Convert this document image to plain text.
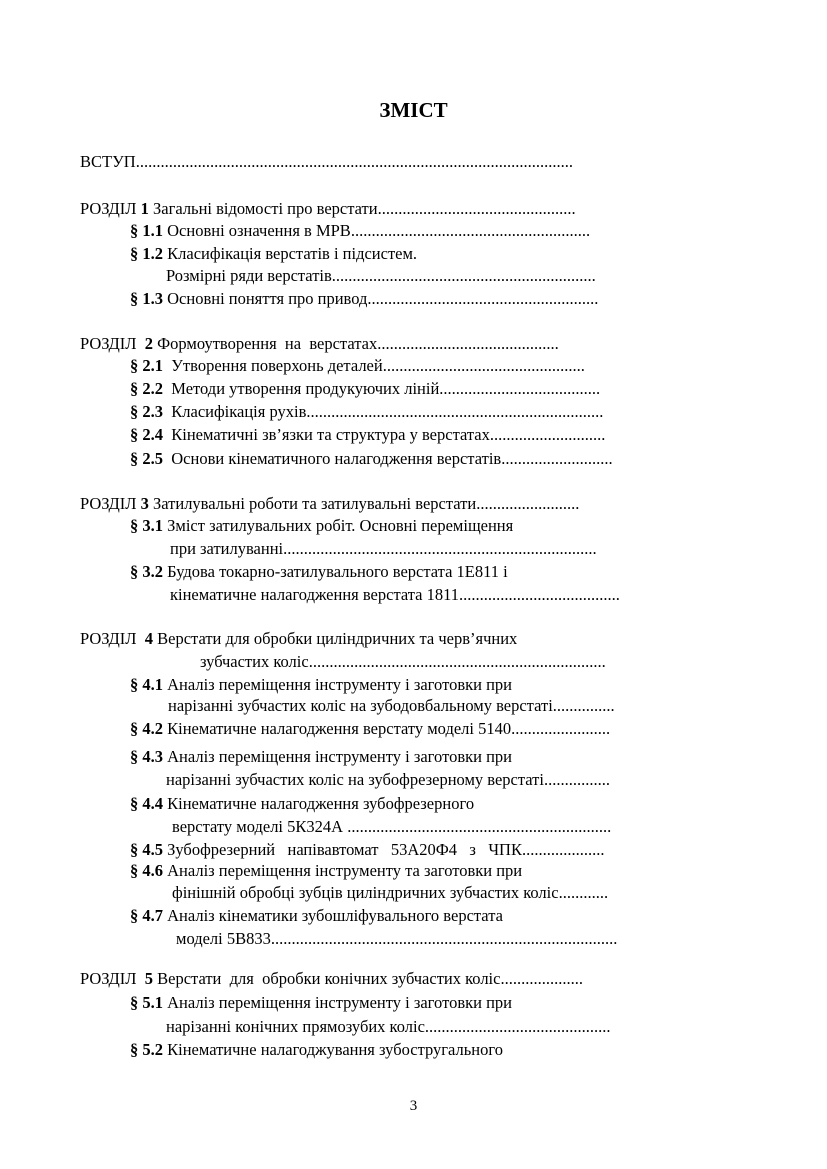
ЗМІСТ
ВСТУП..........................................................................................................
РОЗДІЛ 1 Загальні відомості про верстати................................................
§ 1.1 Основні означення в МРВ..........................................................
§ 1.2 Класифікація верстатів і підсистем.
Розмірні ряди верстатів................................................................
§ 1.3 Основні поняття про привод........................................................
РОЗДІЛ  2 Формоутворення  на  верстатах............................................
§ 2.1  Утворення поверхонь деталей.................................................
§ 2.2  Методи утворення продукуючих ліній.......................................
§ 2.3  Класифікація рухів........................................................................
§ 2.4  Кінематичні зв’язки та структура у верстатах............................
§ 2.5  Основи кінематичного налагодження верстатів...........................
РОЗДІЛ 3 Затилувальні роботи та затилувальні верстати.........................
§ 3.1 Зміст затилувальних робіт. Основні переміщення
при затилуванні............................................................................
§ 3.2 Будова токарно-затилувального верстата 1Е811 і
кінематичне налагодження верстата 1811.......................................
РОЗДІЛ  4 Верстати для обробки циліндричних та черв’ячних
зубчастих коліс........................................................................
§ 4.1 Аналіз переміщення інструменту і заготовки при
нарізанні зубчастих коліс на зубодовбальному верстаті...............
§ 4.2 Кінематичне налагодження верстату моделі 5140........................
§ 4.3 Аналіз переміщення інструменту і заготовки при
нарізанні зубчастих коліс на зубофрезерному верстаті................
§ 4.4 Кінематичне налагодження зубофрезерного
верстату моделі 5К324А ................................................................
§ 4.5 Зубофрезерний   напівавтомат   53А20Ф4   з   ЧПК....................
§ 4.6 Аналіз переміщення інструменту та заготовки при
фінішній обробці зубців циліндричних зубчастих коліс............
§ 4.7 Аналіз кінематики зубошліфувального верстата
моделі 5В833....................................................................................
РОЗДІЛ  5 Верстати  для  обробки конічних зубчастих коліс....................
§ 5.1 Аналіз переміщення інструменту і заготовки при
нарізанні конічних прямозубих коліс.............................................
§ 5.2 Кінематичне налагоджування зубостругального
3
